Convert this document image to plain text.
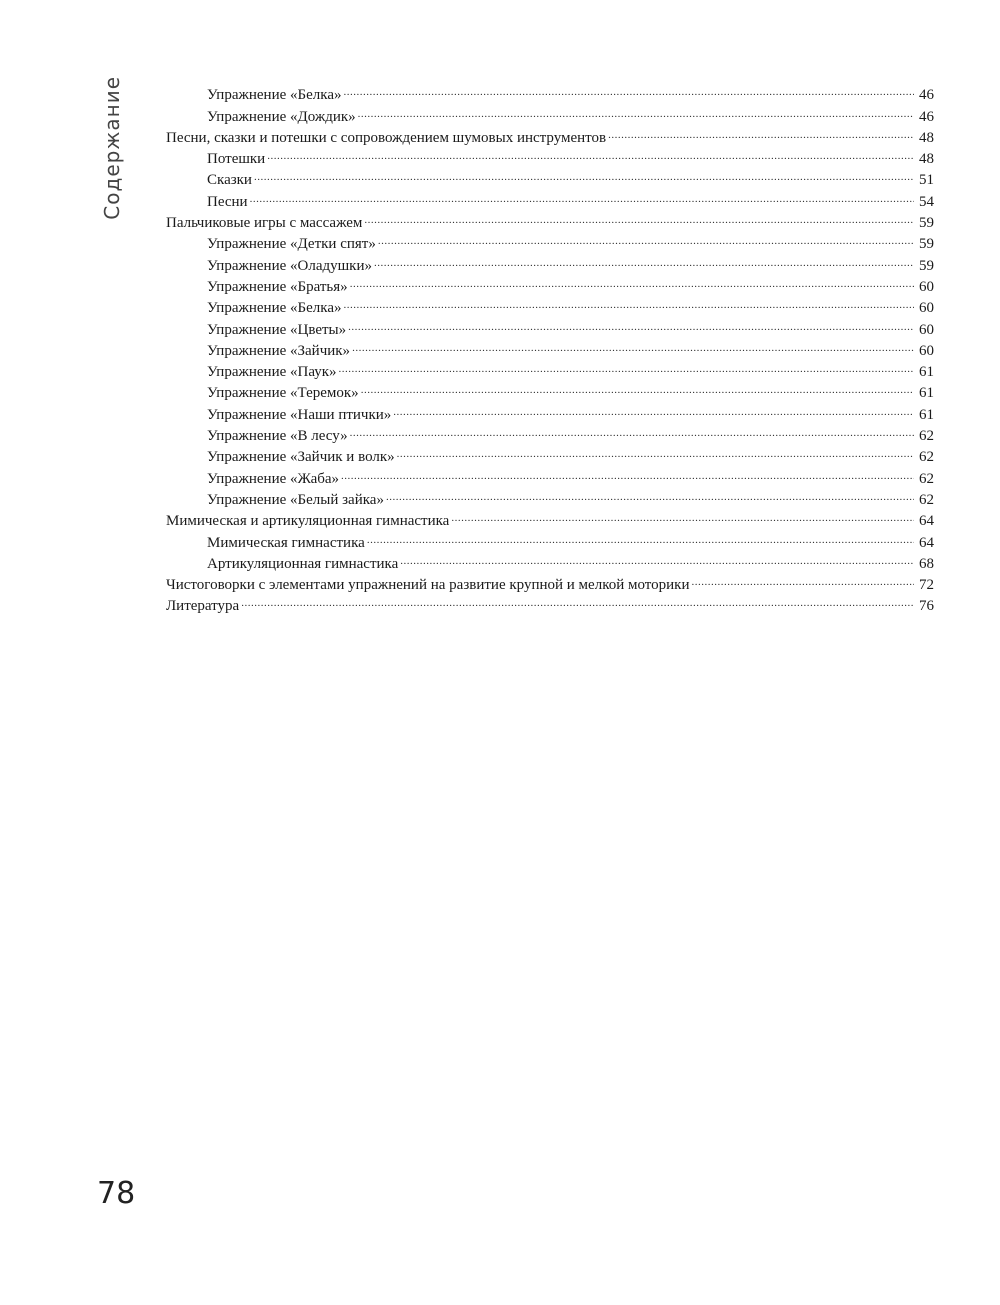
Содержание	Упражнение «Белка» .....	46
Упражнение «Дождик» .....	46
Песни, сказки и потешки с сопровождением шумовых инструментов .....	48
Потешки .....	48
Сказки .....	51
Песни .....	54
Пальчиковые игры с массажем .....	59
Упражнение «Детки спят» .....	59
Упражнение «Оладушки» .....	59
Упражнение «Братья» .....	60
Упражнение «Белка» .....	60
Упражнение «Цветы» .....	60
Упражнение «Зайчик» .....	60
Упражнение «Паук» .....	61
Упражнение «Теремок» .....	61
Упражнение «Наши птички» .....	61
Упражнение «В лесу» .....	62
Упражнение «Зайчик и волк» .....	62
Упражнение «Жаба» .....	62
Упражнение «Белый зайка» .....	62
Мимическая и артикуляционная гимнастика .....	64
Мимическая гимнастика .....	64
Артикуляционная гимнастика .....	68
Чистоговорки с элементами упражнений на развитие крупной и мелкой моторики .....	72
Литература .....	76
78
